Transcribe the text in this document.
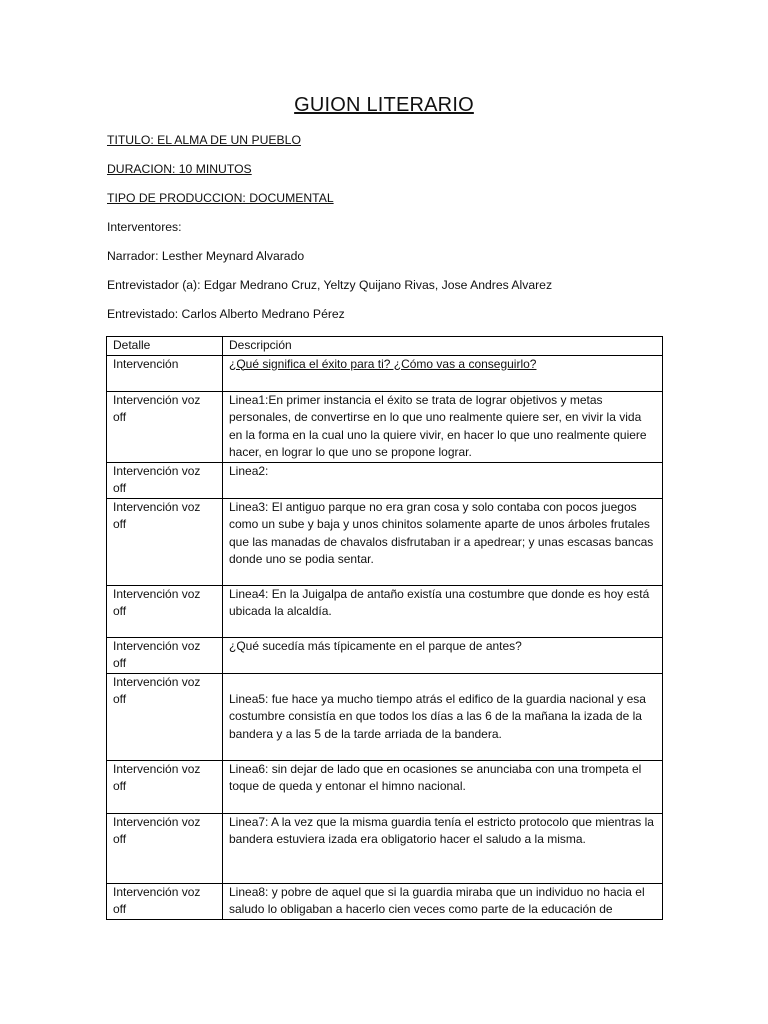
GUION LITERARIO
TITULO: EL ALMA DE UN PUEBLO
DURACION: 10 MINUTOS
TIPO DE PRODUCCION: DOCUMENTAL
Interventores:
Narrador: Lesther Meynard Alvarado
Entrevistador (a): Edgar Medrano Cruz, Yeltzy Quijano Rivas, Jose Andres Alvarez
Entrevistado: Carlos Alberto Medrano Pérez
Detalle	Descripción
Intervención	¿Qué significa el éxito para ti? ¿Cómo vas a conseguirlo?
Intervención voz off	Linea1:En primer instancia el éxito se trata de lograr objetivos y metas personales, de convertirse en lo que uno realmente quiere ser, en vivir la vida en la forma en la cual uno la quiere vivir, en hacer lo que uno realmente quiere hacer, en lograr lo que uno se propone lograr.
Intervención voz off	Linea2:
Intervención voz off	Linea3: El antiguo parque no era gran cosa y solo contaba con pocos juegos como un sube y baja y unos chinitos solamente aparte de unos árboles frutales que las manadas de chavalos disfrutaban ir a apedrear; y unas escasas bancas donde uno se podia sentar.
Intervención voz off	Linea4: En la Juigalpa de antaño existía una costumbre que donde es hoy está ubicada la alcaldía.
Intervención voz off	¿Qué sucedía más típicamente en el parque de antes?
Intervención voz off	Linea5: fue hace ya mucho tiempo atrás el edifico de la guardia nacional y esa costumbre consistía en que todos los días a las 6 de la mañana la izada de la bandera y a las 5 de la tarde arriada de la bandera.
Intervención voz off	Linea6: sin dejar de lado que en ocasiones se anunciaba con una trompeta el toque de queda y entonar el himno nacional.
Intervención voz off	Linea7: A la vez que la misma guardia tenía el estricto protocolo que mientras la bandera estuviera izada era obligatorio hacer el saludo a la misma.
Intervención voz off	Linea8: y pobre de aquel que si la guardia miraba que un individuo no hacia el saludo lo obligaban a hacerlo cien veces como parte de la educación de
